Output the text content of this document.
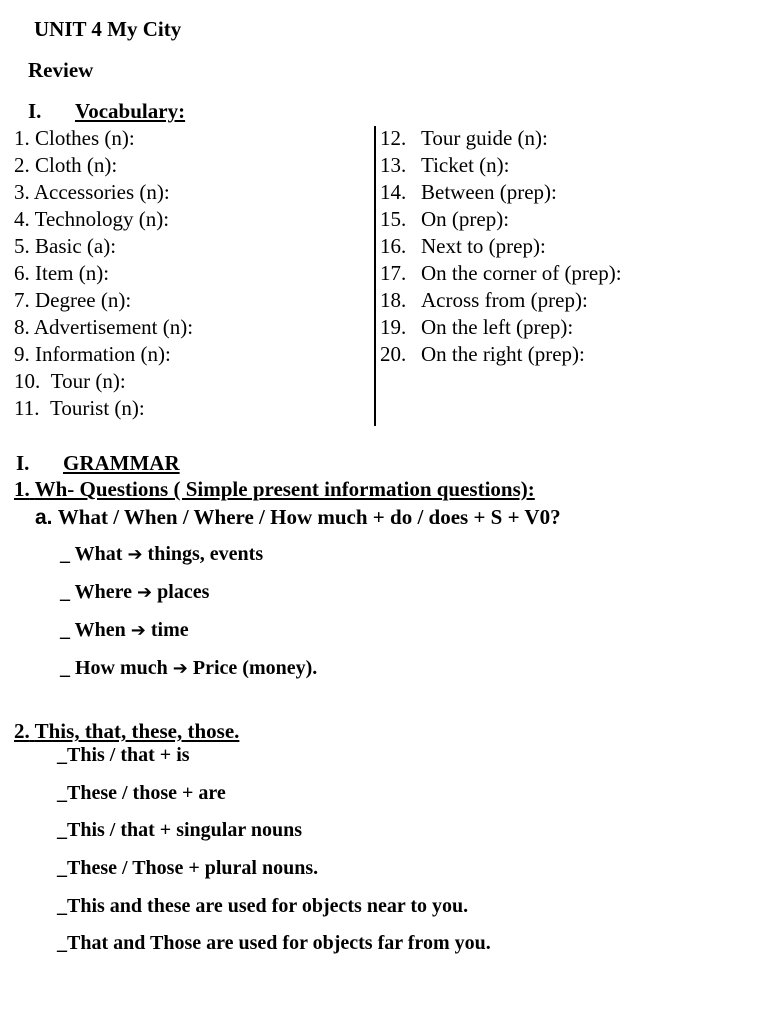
UNIT 4 My City
Review
I. Vocabulary:
1. Clothes (n):
2. Cloth (n):
3. Accessories (n):
4. Technology (n):
5. Basic (a):
6. Item (n):
7. Degree (n):
8. Advertisement (n):
9. Information (n):
10. Tour (n):
11. Tourist (n):
12. Tour guide (n):
13. Ticket (n):
14. Between (prep):
15. On (prep):
16. Next to (prep):
17. On the corner of (prep):
18. Across from (prep):
19. On the left (prep):
20. On the right (prep):
I. GRAMMAR
1. Wh- Questions ( Simple present information questions):
a. What / When / Where / How much + do / does + S + V0?
_ What ➔ things, events
_ Where ➔ places
_ When ➔ time
_ How much ➔ Price (money).
2. This, that, these, those.
_This / that + is
_These / those + are
_This / that + singular nouns
_These / Those + plural nouns.
_This and these are used for objects near to you.
_That and Those are used for objects far from you.
